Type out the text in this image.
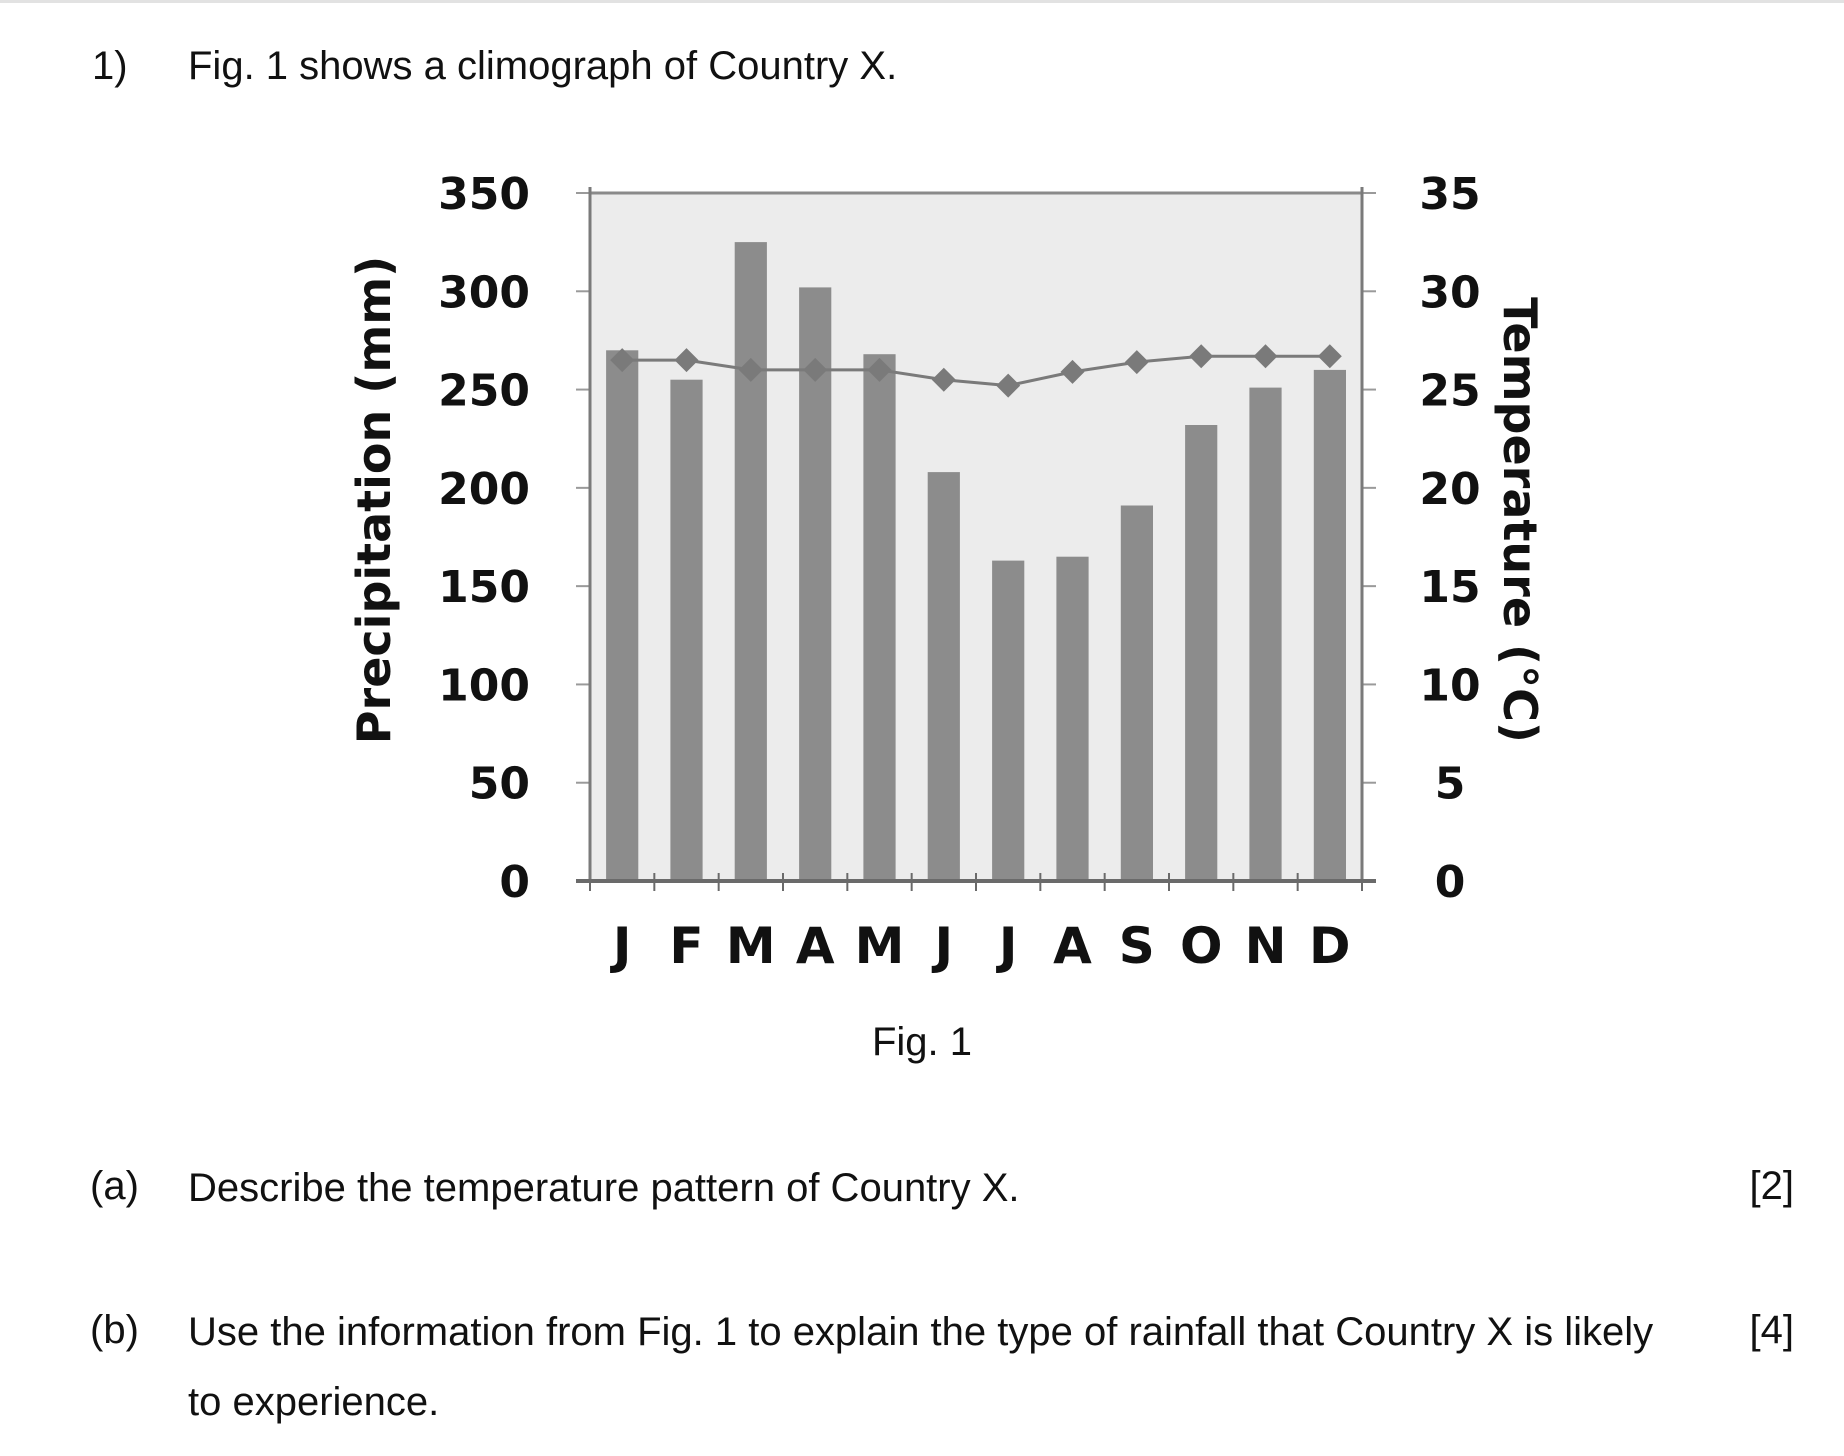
1) Fig. 1 shows a climograph of Country X.
0
50
100
150
200
250
300
350
0
5
10
15
20
25
30
35
J F M A M J J A S O N D
Precipitation (mm)	Temperature (°C)
Fig. 1
(a) Describe the temperature pattern of Country X.	[2]
(b) Use the information from Fig. 1 to explain the type of rainfall that Country X is likely
to experience.
[4]
